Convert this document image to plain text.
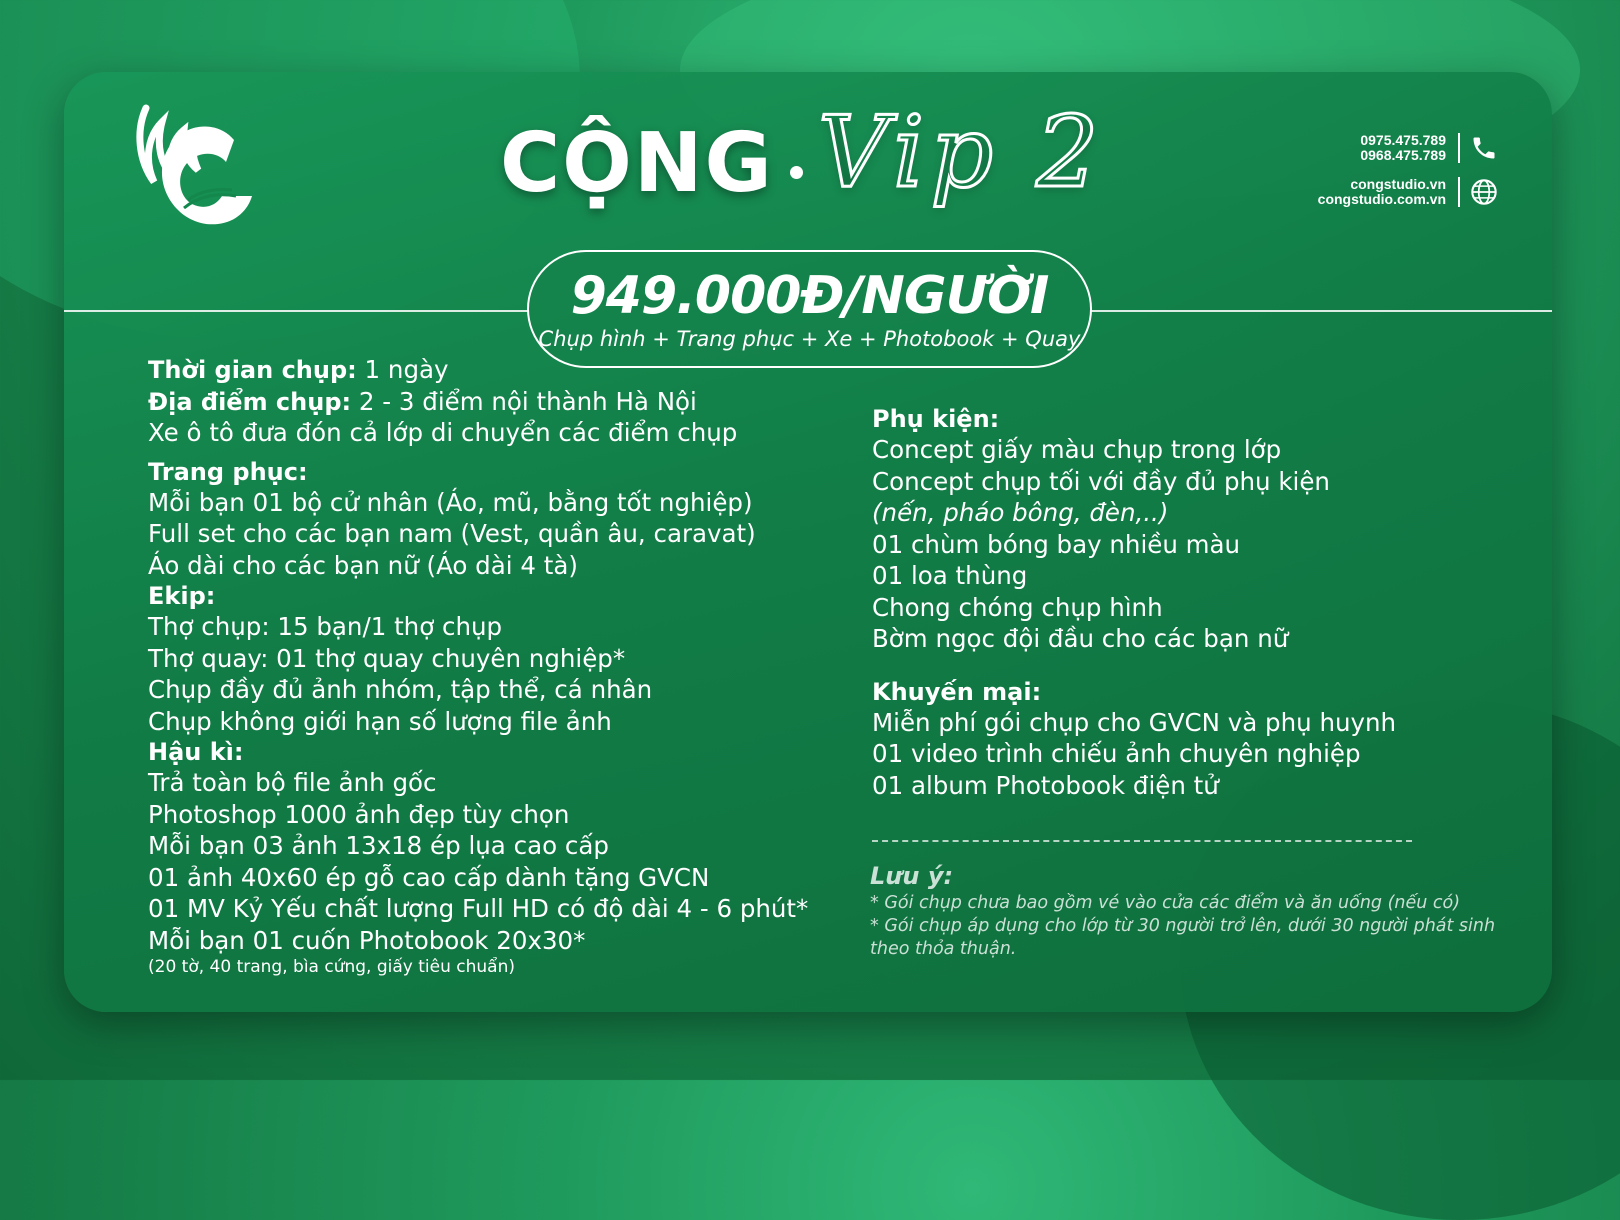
CỘNG Vip 2	0975.475.789
0968.475.789
congstudio.vn
congstudio.com.vn
949.000Đ/NGƯỜI
Chụp hình + Trang phục + Xe + Photobook + Quay
Thời gian chụp: 1 ngày
Địa điểm chụp: 2 - 3 điểm nội thành Hà Nội
Xe ô tô đưa đón cả lớp di chuyển các điểm chụp
Trang phục:
Mỗi bạn 01 bộ cử nhân (Áo, mũ, bằng tốt nghiệp)
Full set cho các bạn nam (Vest, quần âu, caravat)
Áo dài cho các bạn nữ (Áo dài 4 tà)
Ekip:
Thợ chụp: 15 bạn/1 thợ chụp
Thợ quay: 01 thợ quay chuyên nghiệp*
Chụp đầy đủ ảnh nhóm, tập thể, cá nhân
Chụp không giới hạn số lượng file ảnh
Hậu kì:
Trả toàn bộ file ảnh gốc
Photoshop 1000 ảnh đẹp tùy chọn
Mỗi bạn 03 ảnh 13x18 ép lụa cao cấp
01 ảnh 40x60 ép gỗ cao cấp dành tặng GVCN
01 MV Kỷ Yếu chất lượng Full HD có độ dài 4 - 6 phút*
Mỗi bạn 01 cuốn Photobook 20x30*
(20 tờ, 40 trang, bìa cứng, giấy tiêu chuẩn)
Phụ kiện:
Concept giấy màu chụp trong lớp
Concept chụp tối với đầy đủ phụ kiện
(nến, pháo bông, đèn,..)
01 chùm bóng bay nhiều màu
01 loa thùng
Chong chóng chụp hình
Bờm ngọc đội đầu cho các bạn nữ
Khuyến mại:
Miễn phí gói chụp cho GVCN và phụ huynh
01 video trình chiếu ảnh chuyên nghiệp
01 album Photobook điện tử
Lưu ý:
* Gói chụp chưa bao gồm vé vào cửa các điểm và ăn uống (nếu có)
* Gói chụp áp dụng cho lớp từ 30 người trở lên, dưới 30 người phát sinh theo thỏa thuận.
